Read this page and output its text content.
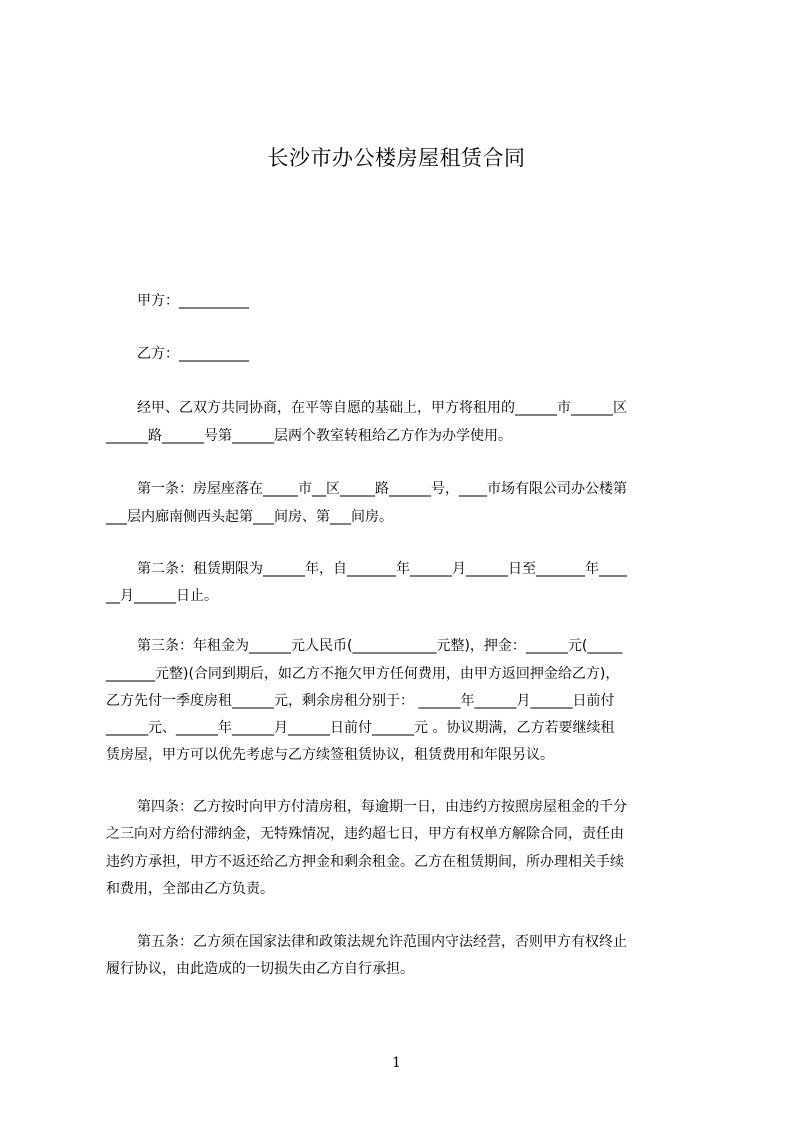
长沙市办公楼房屋租赁合同
甲方：__________
乙方：__________
经甲、乙双方共同协商，在平等自愿的基础上，甲方将租用的______市______区
______路______号第______层两个教室转租给乙方作为办学使用。
第一条：房屋座落在_____市__区_____路______号，____市场有限公司办公楼第
___层内廊南侧西头起第___间房、第___间房。
第二条：租赁期限为______年，自_______年______月______日至_______年____
__月______日止。
第三条：年租金为______元人民币(____________元整)，押金：______元(_____
_______元整)(合同到期后，如乙方不拖欠甲方任何费用，由甲方返回押金给乙方)，
乙方先付一季度房租______元，剩余房租分别于： ______年______月______日前付
______元、______年______月______日前付______元 。协议期满，乙方若要继续租
赁房屋，甲方可以优先考虑与乙方续签租赁协议，租赁费用和年限另议。
第四条：乙方按时向甲方付清房租，每逾期一日，由违约方按照房屋租金的千分
之三向对方给付滞纳金，无特殊情况，违约超七日，甲方有权单方解除合同，责任由
违约方承担，甲方不返还给乙方押金和剩余租金。乙方在租赁期间，所办理相关手续
和费用，全部由乙方负责。
第五条：乙方须在国家法律和政策法规允许范围内守法经营，否则甲方有权终止
履行协议，由此造成的一切损失由乙方自行承担。
1
